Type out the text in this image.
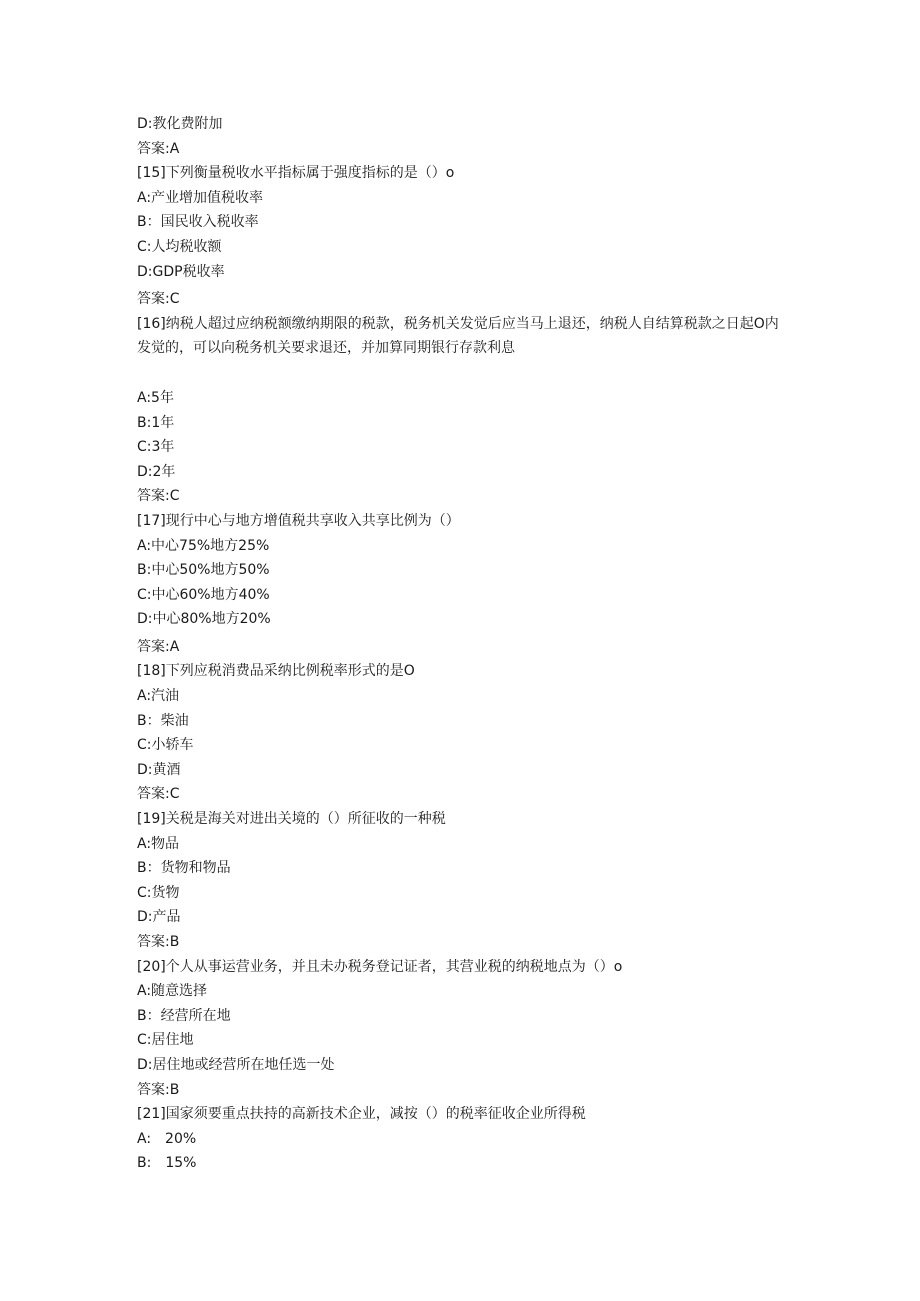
D:教化费附加
答案:A
[15]下列衡量税收水平指标属于强度指标的是（）o
A:产业增加值税收率
B：国民收入税收率
C:人均税收额
D:GDP税收率
答案:C
[16]纳税人超过应纳税额缴纳期限的税款，税务机关发觉后应当马上退还，纳税人自结算税款之日起O内发觉的，可以向税务机关要求退还，并加算同期银行存款利息
A:5年
B:1年
C:3年
D:2年
答案:C
[17]现行中心与地方增值税共享收入共享比例为（）
A:中心75%地方25%
B:中心50%地方50%
C:中心60%地方40%
D:中心80%地方20%
答案:A
[18]下列应税消费品采纳比例税率形式的是O
A:汽油
B：柴油
C:小轿车
D:黄酒
答案:C
[19]关税是海关对进出关境的（）所征收的一种税
A:物品
B：货物和物品
C:货物
D:产品
答案:B
[20]个人从事运营业务，并且未办税务登记证者，其营业税的纳税地点为（）o
A:随意选择
B：经营所在地
C:居住地
D:居住地或经营所在地任选一处
答案:B
[21]国家须要重点扶持的高新技术企业，减按（）的税率征收企业所得税
A:　20%
B:　15%
